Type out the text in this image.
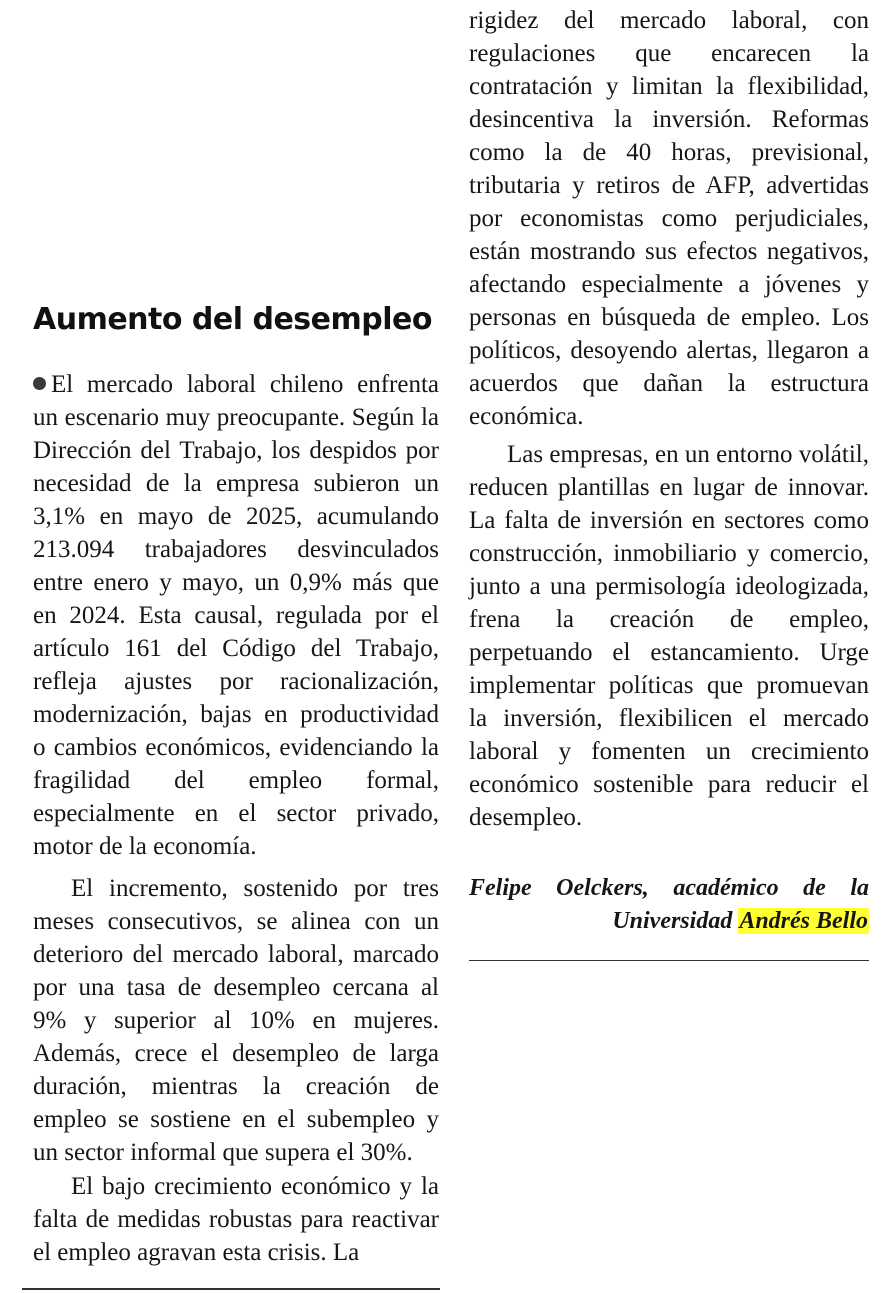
Aumento del desempleo

El mercado laboral chileno enfrenta un escenario muy preocupante. Según la Dirección del Trabajo, los despidos por necesidad de la empresa subieron un 3,1% en mayo de 2025, acumulando 213.094 trabajadores desvinculados entre enero y mayo, un 0,9% más que en 2024. Esta causal, regulada por el artículo 161 del Código del Trabajo, refleja ajustes por racionalización, modernización, bajas en productividad o cambios económicos, evidenciando la fragilidad del empleo formal, especialmente en el sector privado, motor de la economía.

El incremento, sostenido por tres meses consecutivos, se alinea con un deterioro del mercado laboral, marcado por una tasa de desempleo cercana al 9% y superior al 10% en mujeres. Además, crece el desempleo de larga duración, mientras la creación de empleo se sostiene en el subempleo y un sector informal que supera el 30%.

El bajo crecimiento económico y la falta de medidas robustas para reactivar el empleo agravan esta crisis. La

rigidez del mercado laboral, con regulaciones que encarecen la contratación y limitan la flexibilidad, desincentiva la inversión. Reformas como la de 40 horas, previsional, tributaria y retiros de AFP, advertidas por economistas como perjudiciales, están mostrando sus efectos negativos, afectando especialmente a jóvenes y personas en búsqueda de empleo. Los políticos, desoyendo alertas, llegaron a acuerdos que dañan la estructura económica.

Las empresas, en un entorno volátil, reducen plantillas en lugar de innovar. La falta de inversión en sectores como construcción, inmobiliario y comercio, junto a una permisología ideologizada, frena la creación de empleo, perpetuando el estancamiento. Urge implementar políticas que promuevan la inversión, flexibilicen el mercado laboral y fomenten un crecimiento económico sostenible para reducir el desempleo.

Felipe Oelckers, académico de la Universidad Andrés Bello
